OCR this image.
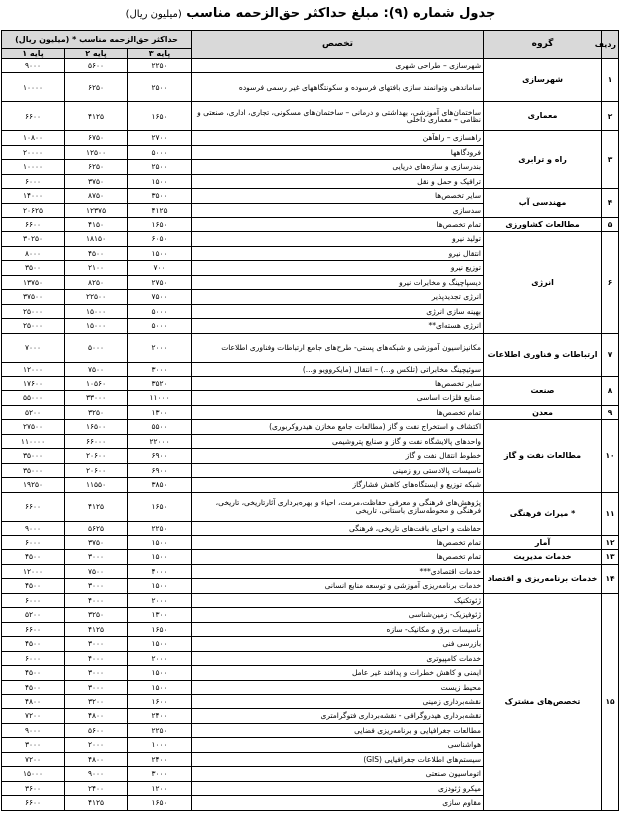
جدول شماره (۹): مبلغ حداکثر حق‌الزحمه مناسب (میلیون ریال)
ردیف	گروه	تخصص	حداکثر حق‌الزحمه مناسب * (میلیون ریال)		
			پایه ۳	پایه ۲	پایه ۱
۱	شهرسازی	شهرسازی – طراحی شهری	۲۲۵۰	۵۶۰۰	۹۰۰۰
		ساماندهی وتوانمند سازی بافتهای فرسوده و سکونتگاههای غیر رسمی فرسوده	۲۵۰۰	۶۲۵۰	۱۰۰۰۰
۲	معماری	ساختمان‌های آموزشی، بهداشتی و درمانی – ساختمان‌های مسکونی، تجاری، اداری، صنعتی و نظامی – معماری داخلی	۱۶۵۰	۴۱۲۵	۶۶۰۰
۳	راه و ترابری	راهسازی – راهآهن	۲۷۰۰	۶۷۵۰	۱۰۸۰۰
		فرودگاهها	۵۰۰۰	۱۲۵۰۰	۲۰۰۰۰
		بندرسازی و سازه‌های دریایی	۲۵۰۰	۶۲۵۰	۱۰۰۰۰
		ترافیک و حمل و نقل	۱۵۰۰	۳۷۵۰	۶۰۰۰
۴	مهندسی آب	سایر تخصص‌ها	۳۵۰۰	۸۷۵۰	۱۴۰۰۰
		سدسازی	۴۱۲۵	۱۲۳۷۵	۲۰۶۲۵
۵	مطالعات کشاورزی	تمام تخصص‌ها	۱۶۵۰	۴۱۵۰	۶۶۰۰
۶	انرژی	تولید نیرو	۶۰۵۰	۱۸۱۵۰	۳۰۲۵۰
		انتقال نیرو	۱۵۰۰	۴۵۰۰	۸۰۰۰
		توزیع نیرو	۷۰۰	۲۱۰۰	۳۵۰۰
		دیسپاچینگ و مخابرات نیرو	۲۷۵۰	۸۲۵۰	۱۳۷۵۰
		انرژی تجدیدپذیر	۷۵۰۰	۲۲۵۰۰	۳۷۵۰۰
		بهینه سازی انرژی	۵۰۰۰	۱۵۰۰۰	۲۵۰۰۰
		انرژی هسته‌ای**	۵۰۰۰	۱۵۰۰۰	۲۵۰۰۰
۷	ارتباطات و فناوری اطلاعات	مکانیزاسیون آموزشی و شبکه‌های پستی- طرح‌های جامع ارتباطات وفناوری اطلاعات	۲۰۰۰	۵۰۰۰	۷۰۰۰
		سوئیچینگ مخابراتی (تلکس و...) – انتقال (مایکروویو و...)	۳۰۰۰	۷۵۰۰	۱۲۰۰۰
۸	صنعت	سایر تخصص‌ها	۳۵۲۰	۱۰۵۶۰	۱۷۶۰۰
		صنایع فلزات اساسی	۱۱۰۰۰	۳۳۰۰۰	۵۵۰۰۰
۹	معدن	تمام تخصص‌ها	۱۳۰۰	۳۲۵۰	۵۲۰۰
۱۰	مطالعات نفت و گاز	اکتشاف و استخراج نفت و گاز (مطالعات جامع مخازن هیدروکربوری)	۵۵۰۰	۱۶۵۰۰	۲۷۵۰۰
		واحدهای پالایشگاه نفت و گاز و صنایع پتروشیمی	۲۲۰۰۰	۶۶۰۰۰	۱۱۰۰۰۰
		خطوط انتقال نفت و گاز	۶۹۰۰	۲۰۶۰۰	۳۵۰۰۰
		تاسیسات پالادستی رو زمینی	۶۹۰۰	۲۰۶۰۰	۳۵۰۰۰
		شبکه توزیع و ایستگاه‌های کاهش فشارگاز	۳۸۵۰	۱۱۵۵۰	۱۹۲۵۰
۱۱	* میراث فرهنگی	پژوهش‌های فرهنگی و معرفی حفاظت،مرمت، احیاء و بهره‌برداری آثارتاریخی، تاریخی، فرهنگی و محوطه‌سازی باستانی، تاریخی	۱۶۵۰	۴۱۲۵	۶۶۰۰
		حفاظت و احیای بافت‌های تاریخی، فرهنگی	۲۲۵۰	۵۶۲۵	۹۰۰۰
۱۲	آمار	تمام تخصص‌ها	۱۵۰۰	۳۷۵۰	۶۰۰۰
۱۳	خدمات مدیریت	تمام تخصص‌ها	۱۵۰۰	۳۰۰۰	۴۵۰۰
۱۴	خدمات برنامه‌ریزی و اقتصاد	خدمات اقتصادی***	۴۰۰۰	۷۵۰۰	۱۲۰۰۰
		خدمات برنامه‌ریزی آموزشی و توسعه منابع انسانی	۱۵۰۰	۳۰۰۰	۴۵۰۰
۱۵	تخصص‌های مشترک	ژئوتکنیک	۲۰۰۰	۴۰۰۰	۶۰۰۰
		ژئوفیزیک- زمین‌شناسی	۱۳۰۰	۳۲۵۰	۵۲۰۰
		تأسیسات برق و مکانیک- سازه	۱۶۵۰	۴۱۲۵	۶۶۰۰
		بازرسی فنی	۱۵۰۰	۳۰۰۰	۴۵۰۰
		خدمات کامپیوتری	۲۰۰۰	۴۰۰۰	۶۰۰۰
		ایمنی و کاهش خطرات و پدافند غیر عامل	۱۵۰۰	۳۰۰۰	۴۵۰۰
		محیط زیست	۱۵۰۰	۳۰۰۰	۴۵۰۰
		نقشه‌برداری زمینی	۱۶۰۰	۳۲۰۰	۴۸۰۰
		نقشه‌برداری هیدروگرافی - نقشه‌برداری فتوگرامتری	۲۴۰۰	۴۸۰۰	۷۲۰۰
		مطالعات جغرافیایی و برنامه‌ریزی فضایی	۲۲۵۰	۵۶۰۰	۹۰۰۰
		هواشناسی	۱۰۰۰	۲۰۰۰	۳۰۰۰
		سیستم‌های اطلاعات جغرافیایی (GIS)	۲۴۰۰	۴۸۰۰	۷۲۰۰
		اتوماسیون صنعتی	۳۰۰۰	۹۰۰۰	۱۵۰۰۰
		میکرو ژئودزی	۱۲۰۰	۲۴۰۰	۳۶۰۰
		مقاوم سازی	۱۶۵۰	۴۱۲۵	۶۶۰۰
